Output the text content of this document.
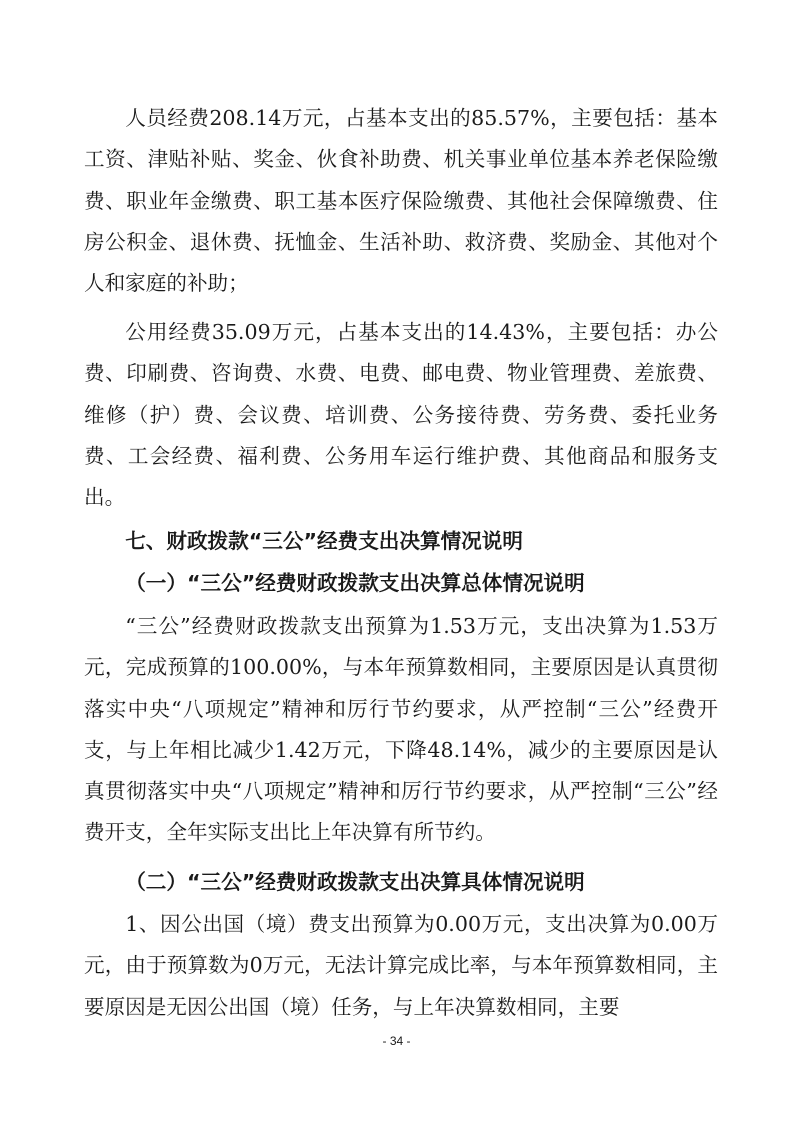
人员经费208.14万元，占基本支出的85.57%，主要包括：基本工资、津贴补贴、奖金、伙食补助费、机关事业单位基本养老保险缴费、职业年金缴费、职工基本医疗保险缴费、其他社会保障缴费、住房公积金、退休费、抚恤金、生活补助、救济费、奖励金、其他对个人和家庭的补助；

公用经费35.09万元，占基本支出的14.43%，主要包括：办公费、印刷费、咨询费、水费、电费、邮电费、物业管理费、差旅费、维修（护）费、会议费、培训费、公务接待费、劳务费、委托业务费、工会经费、福利费、公务用车运行维护费、其他商品和服务支出。

七、财政拨款“三公”经费支出决算情况说明

（一）“三公”经费财政拨款支出决算总体情况说明

“三公”经费财政拨款支出预算为1.53万元，支出决算为1.53万元，完成预算的100.00%，与本年预算数相同，主要原因是认真贯彻落实中央“八项规定”精神和厉行节约要求，从严控制“三公”经费开支，与上年相比减少1.42万元，下降48.14%，减少的主要原因是认真贯彻落实中央“八项规定”精神和厉行节约要求，从严控制“三公”经费开支，全年实际支出比上年决算有所节约。

（二）“三公”经费财政拨款支出决算具体情况说明

1、因公出国（境）费支出预算为0.00万元，支出决算为0.00万元，由于预算数为0万元，无法计算完成比率，与本年预算数相同，主要原因是无因公出国（境）任务，与上年决算数相同，主要

- 34 -
